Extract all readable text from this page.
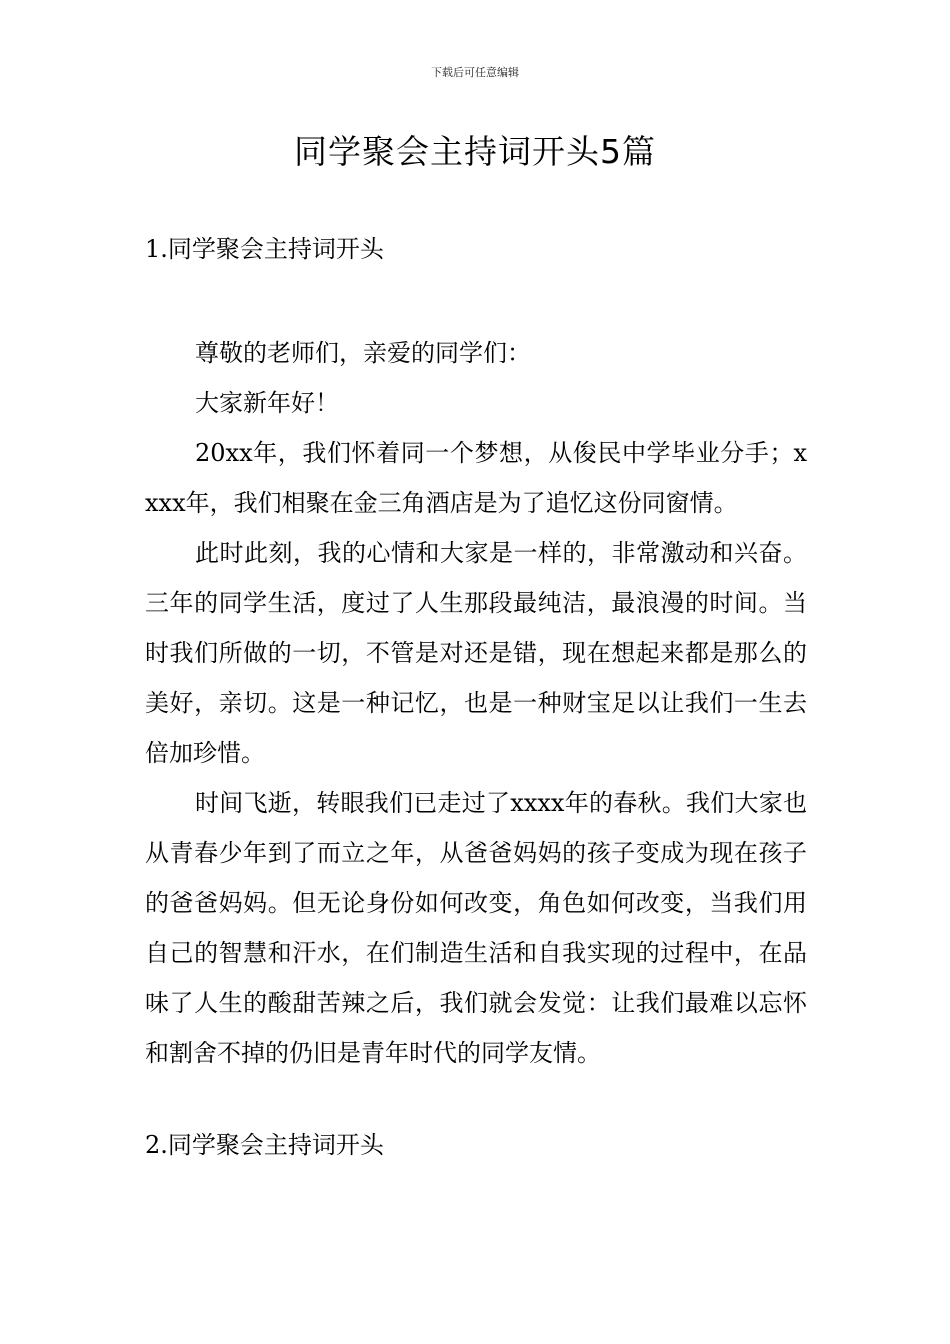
下载后可任意编辑
同学聚会主持词开头5篇
1.同学聚会主持词开头

尊敬的老师们，亲爱的同学们：

大家新年好！

20xx年，我们怀着同一个梦想，从俊民中学毕业分手；xxxx年，我们相聚在金三角酒店是为了追忆这份同窗情。

此时此刻，我的心情和大家是一样的，非常激动和兴奋。三年的同学生活，度过了人生那段最纯洁，最浪漫的时间。当时我们所做的一切，不管是对还是错，现在想起来都是那么的美好，亲切。这是一种记忆，也是一种财宝足以让我们一生去倍加珍惜。

时间飞逝，转眼我们已走过了xxxx年的春秋。我们大家也从青春少年到了而立之年，从爸爸妈妈的孩子变成为现在孩子的爸爸妈妈。但无论身份如何改变，角色如何改变，当我们用自己的智慧和汗水，在们制造生活和自我实现的过程中，在品味了人生的酸甜苦辣之后，我们就会发觉：让我们最难以忘怀和割舍不掉的仍旧是青年时代的同学友情。

2.同学聚会主持词开头
